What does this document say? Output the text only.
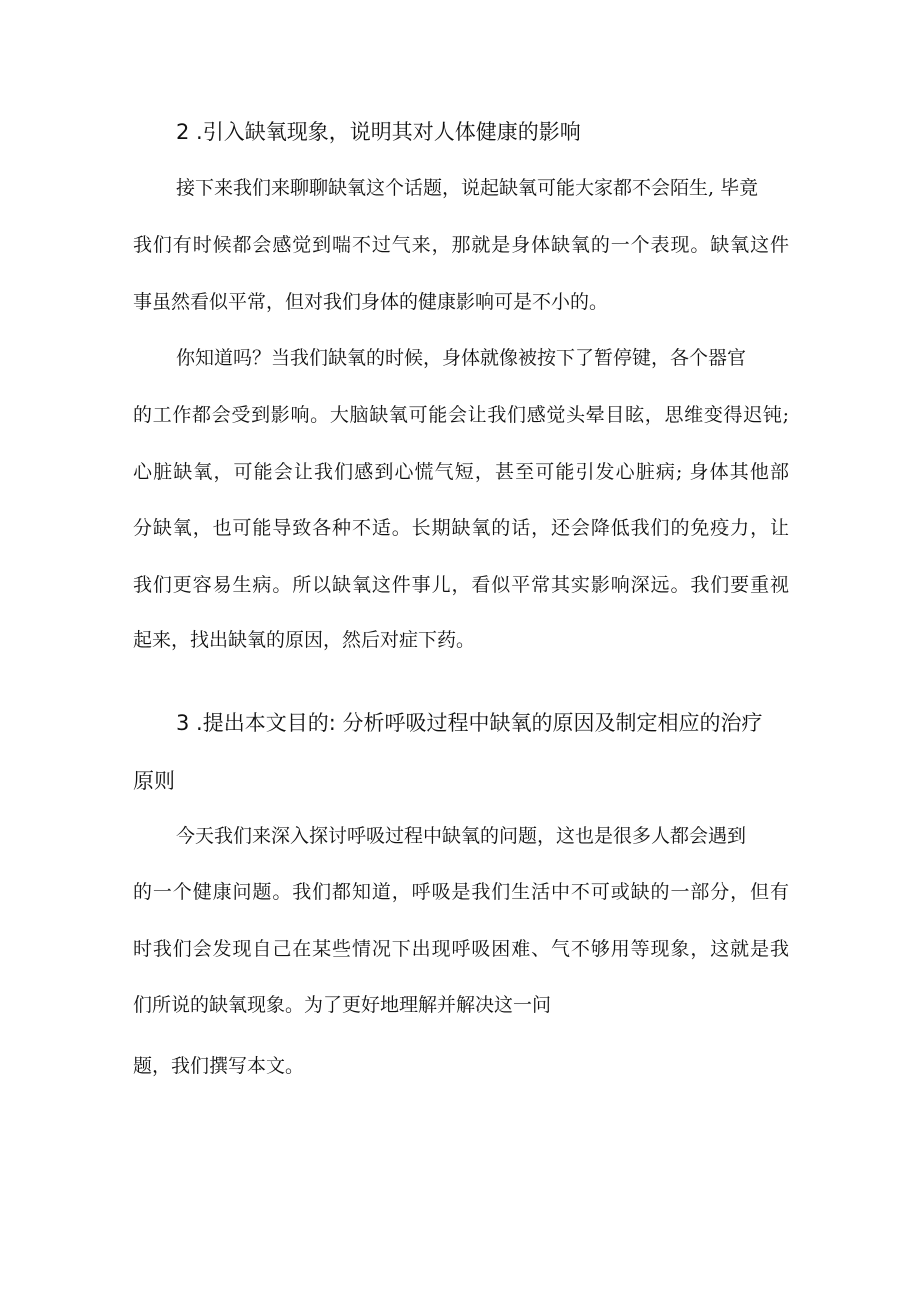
2 .引入缺氧现象，说明其对人体健康的影响

接下来我们来聊聊缺氧这个话题，说起缺氧可能大家都不会陌生, 毕竟

我们有时候都会感觉到喘不过气来，那就是身体缺氧的一个表现。缺氧这件

事虽然看似平常，但对我们身体的健康影响可是不小的。

你知道吗？当我们缺氧的时候，身体就像被按下了暂停键，各个器官

的工作都会受到影响。大脑缺氧可能会让我们感觉头晕目眩，思维变得迟钝;

心脏缺氧，可能会让我们感到心慌气短，甚至可能引发心脏病; 身体其他部

分缺氧，也可能导致各种不适。长期缺氧的话，还会降低我们的免疫力，让

我们更容易生病。所以缺氧这件事儿，看似平常其实影响深远。我们要重视

起来，找出缺氧的原因，然后对症下药。

3 .提出本文目的: 分析呼吸过程中缺氧的原因及制定相应的治疗
原则

今天我们来深入探讨呼吸过程中缺氧的问题，这也是很多人都会遇到

的一个健康问题。我们都知道，呼吸是我们生活中不可或缺的一部分，但有

时我们会发现自己在某些情况下出现呼吸困难、气不够用等现象，这就是我

们所说的缺氧现象。为了更好地理解并解决这一问

题，我们撰写本文。
